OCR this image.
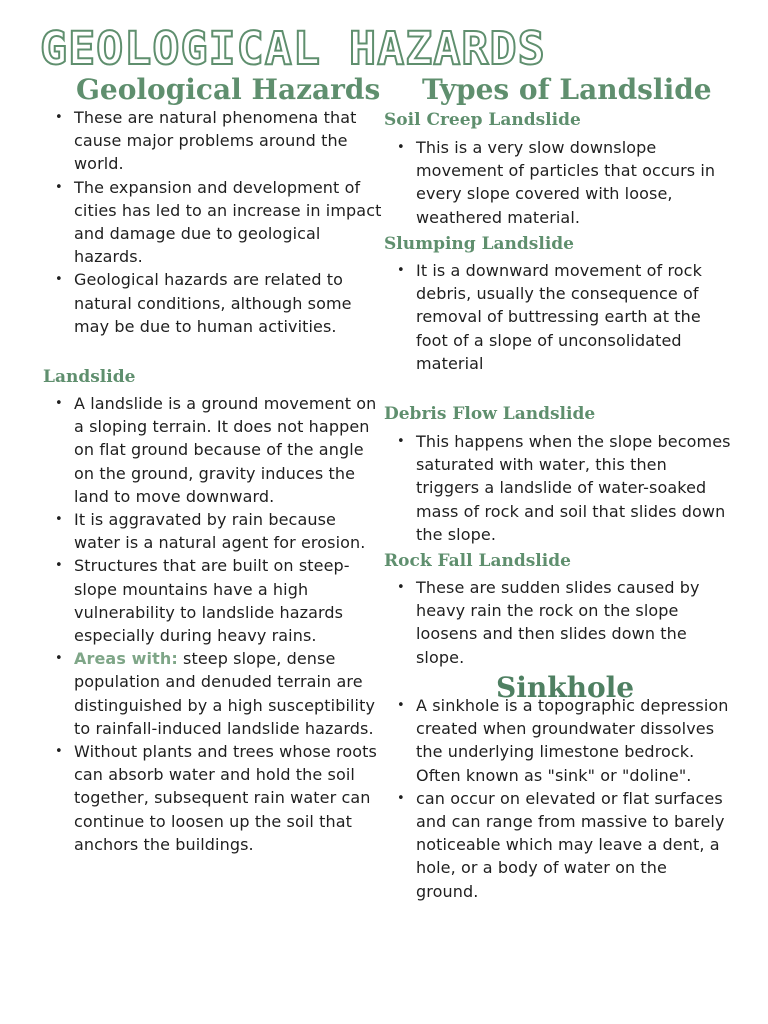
GEOLOGICAL HAZARDS
Geological Hazards
• These are natural phenomena that cause major problems around the world.
• The expansion and development of cities has led to an increase in impact and damage due to geological hazards.
• Geological hazards are related to natural conditions, although some may be due to human activities.
Landslide
• A landslide is a ground movement on a sloping terrain. It does not happen on flat ground because of the angle on the ground, gravity induces the land to move downward.
• It is aggravated by rain because water is a natural agent for erosion.
• Structures that are built on steep-slope mountains have a high vulnerability to landslide hazards especially during heavy rains.
• Areas with: steep slope, dense population and denuded terrain are distinguished by a high susceptibility to rainfall-induced landslide hazards.
• Without plants and trees whose roots can absorb water and hold the soil together, subsequent rain water can continue to loosen up the soil that anchors the buildings.
Types of Landslide
Soil Creep Landslide
• This is a very slow downslope movement of particles that occurs in every slope covered with loose, weathered material.
Slumping Landslide
• It is a downward movement of rock debris, usually the consequence of removal of buttressing earth at the foot of a slope of unconsolidated material
Debris Flow Landslide
• This happens when the slope becomes saturated with water, this then triggers a landslide of water-soaked mass of rock and soil that slides down the slope.
Rock Fall Landslide
• These are sudden slides caused by heavy rain the rock on the slope loosens and then slides down the slope.
Sinkhole
• A sinkhole is a topographic depression created when groundwater dissolves the underlying limestone bedrock. Often known as "sink" or "doline".
• can occur on elevated or flat surfaces and can range from massive to barely noticeable which may leave a dent, a hole, or a body of water on the ground.
